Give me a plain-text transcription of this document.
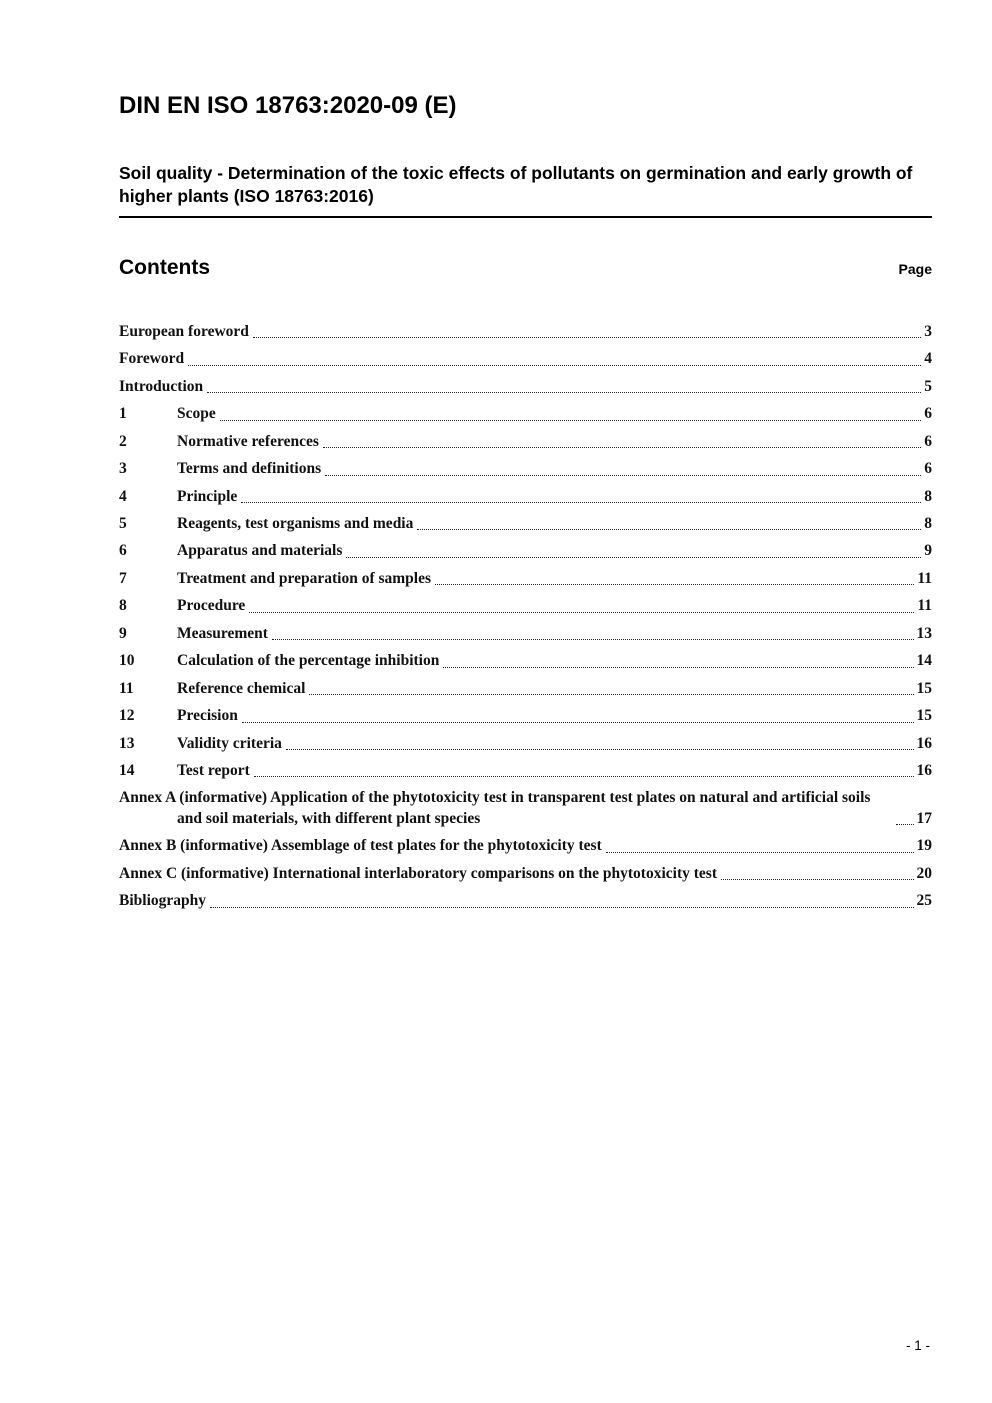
DIN EN ISO 18763:2020-09 (E)
Soil quality - Determination of the toxic effects of pollutants on germination and early growth of higher plants (ISO 18763:2016)
Contents	Page
European foreword	3
Foreword	4
Introduction	5
1	Scope	6
2	Normative references	6
3	Terms and definitions	6
4	Principle	8
5	Reagents, test organisms and media	8
6	Apparatus and materials	9
7	Treatment and preparation of samples	11
8	Procedure	11
9	Measurement	13
10	Calculation of the percentage inhibition	14
11	Reference chemical	15
12	Precision	15
13	Validity criteria	16
14	Test report	16
Annex A (informative) Application of the phytotoxicity test in transparent test plates on natural and artificial soils and soil materials, with different plant species	17
Annex B (informative) Assemblage of test plates for the phytotoxicity test	19
Annex C (informative) International interlaboratory comparisons on the phytotoxicity test	20
Bibliography	25
- 1 -
